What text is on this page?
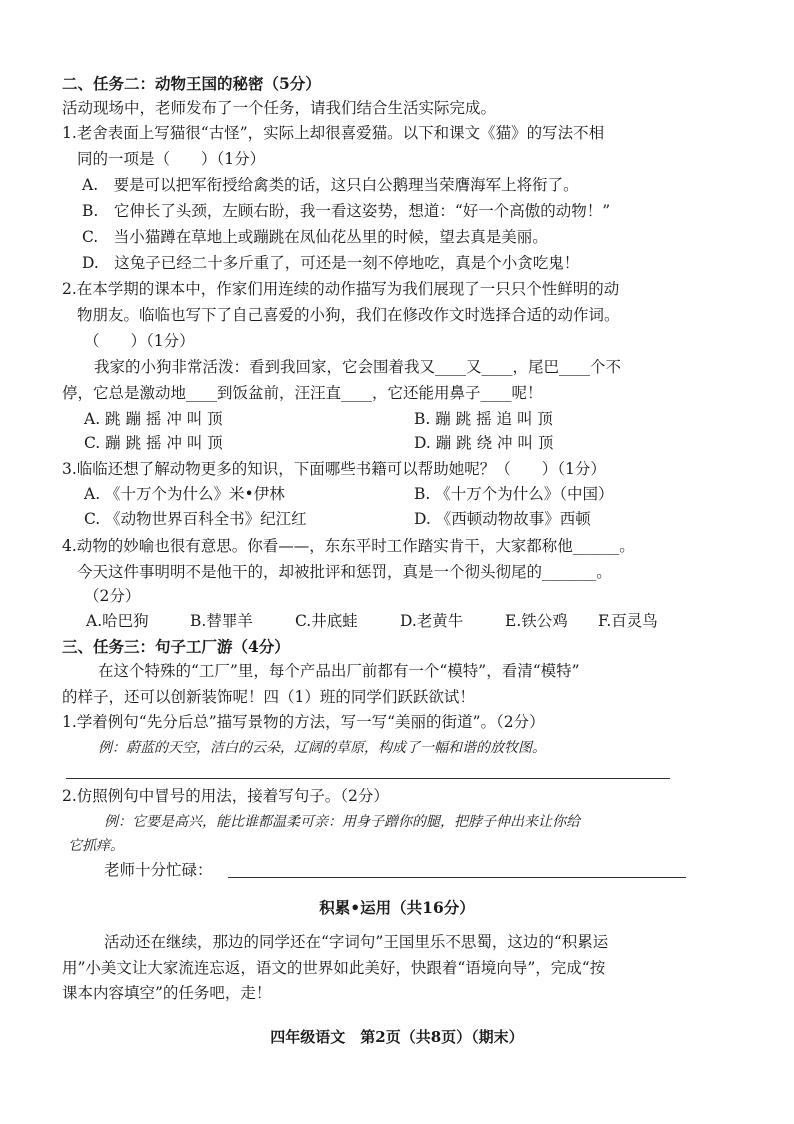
二、任务二：动物王国的秘密（5分）
活动现场中，老师发布了一个任务，请我们结合生活实际完成。
1.老舍表面上写猫很“古怪”，实际上却很喜爱猫。以下和课文《猫》的写法不相
同的一项是（　　）（1分）
A.　要是可以把军衔授给禽类的话，这只白公鹅理当荣膺海军上将衔了。
B.　它伸长了头颈，左顾右盼，我一看这姿势，想道：“好一个高傲的动物！”
C.　当小猫蹲在草地上或蹦跳在凤仙花丛里的时候，望去真是美丽。
D.　这兔子已经二十多斤重了，可还是一刻不停地吃，真是个小贪吃鬼！
2.在本学期的课本中，作家们用连续的动作描写为我们展现了一只只个性鲜明的动
物朋友。临临也写下了自己喜爱的小狗，我们在修改作文时选择合适的动作词。
（　　）（1分）
我家的小狗非常活泼：看到我回家，它会围着我又____又____，尾巴____个不
停，它总是激动地____到饭盆前，汪汪直____，它还能用鼻子____呢！
A. 跳 蹦 摇 冲 叫 顶	B. 蹦 跳 摇 追 叫 顶
C. 蹦 跳 摇 冲 叫 顶	D. 蹦 跳 绕 冲 叫 顶
3.临临还想了解动物更多的知识，下面哪些书籍可以帮助她呢？（　　）（1分）
A. 《十万个为什么》米•伊林	B. 《十万个为什么》（中国）
C. 《动物世界百科全书》纪江红	D. 《西顿动物故事》西顿
4.动物的妙喻也很有意思。你看——，东东平时工作踏实肯干，大家都称他______。
今天这件事明明不是他干的，却被批评和惩罚，真是一个彻头彻尾的_______。
（2分）
A.哈巴狗	B.替罪羊	C.井底蛙	D.老黄牛	E.铁公鸡 F.百灵鸟
三、任务三：句子工厂游（4分）
在这个特殊的“工厂”里，每个产品出厂前都有一个“模特”，看清“模特”
的样子，还可以创新装饰呢！四（1）班的同学们跃跃欲试！
1.学着例句“先分后总”描写景物的方法，写一写“美丽的街道”。（2分）
例：蔚蓝的天空，洁白的云朵，辽阔的草原，构成了一幅和谐的放牧图。
2.仿照例句中冒号的用法，接着写句子。（2分）
例：它要是高兴，能比谁都温柔可亲：用身子蹭你的腿，把脖子伸出来让你给
它抓痒。
老师十分忙碌：
积累•运用（共16分）
活动还在继续，那边的同学还在“字词句”王国里乐不思蜀，这边的“积累运
用”小美文让大家流连忘返，语文的世界如此美好，快跟着“语境向导”，完成“按
课本内容填空”的任务吧，走！
四年级语文　第2页（共8页）（期末）
